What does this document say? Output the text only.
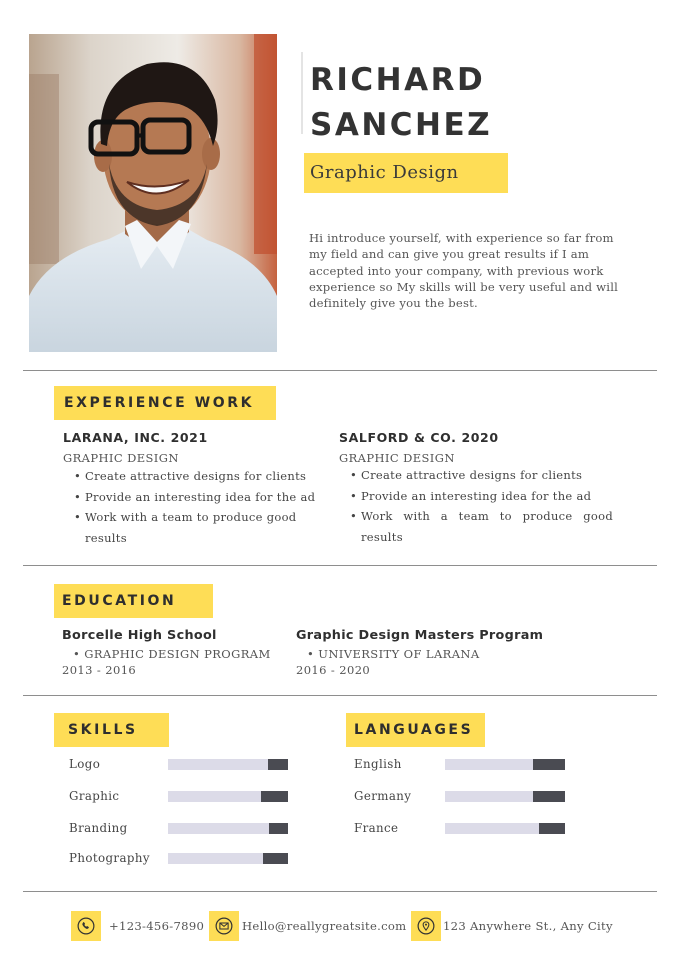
RICHARD
SANCHEZ
Graphic Design
Hi introduce yourself, with experience so far from my field and can give you great results if I am accepted into your company, with previous work experience so My skills will be very useful and will definitely give you the best.
EXPERIENCE WORK
LARANA, INC. 2021
GRAPHIC DESIGN
• Create attractive designs for clients
• Provide an interesting idea for the ad
• Work with a team to produce good results
SALFORD & CO. 2020
GRAPHIC DESIGN
• Create attractive designs for clients
• Provide an interesting idea for the ad
• Work with a team to produce good results
EDUCATION
Borcelle High School
• GRAPHIC DESIGN PROGRAM
2013 - 2016
Graphic Design Masters Program
• UNIVERSITY OF LARANA
2016 - 2020
SKILLS
Logo
Graphic
Branding
Photography
LANGUAGES
English
Germany
France
+123-456-7890	Hello@reallygreatsite.com	123 Anywhere St., Any City
